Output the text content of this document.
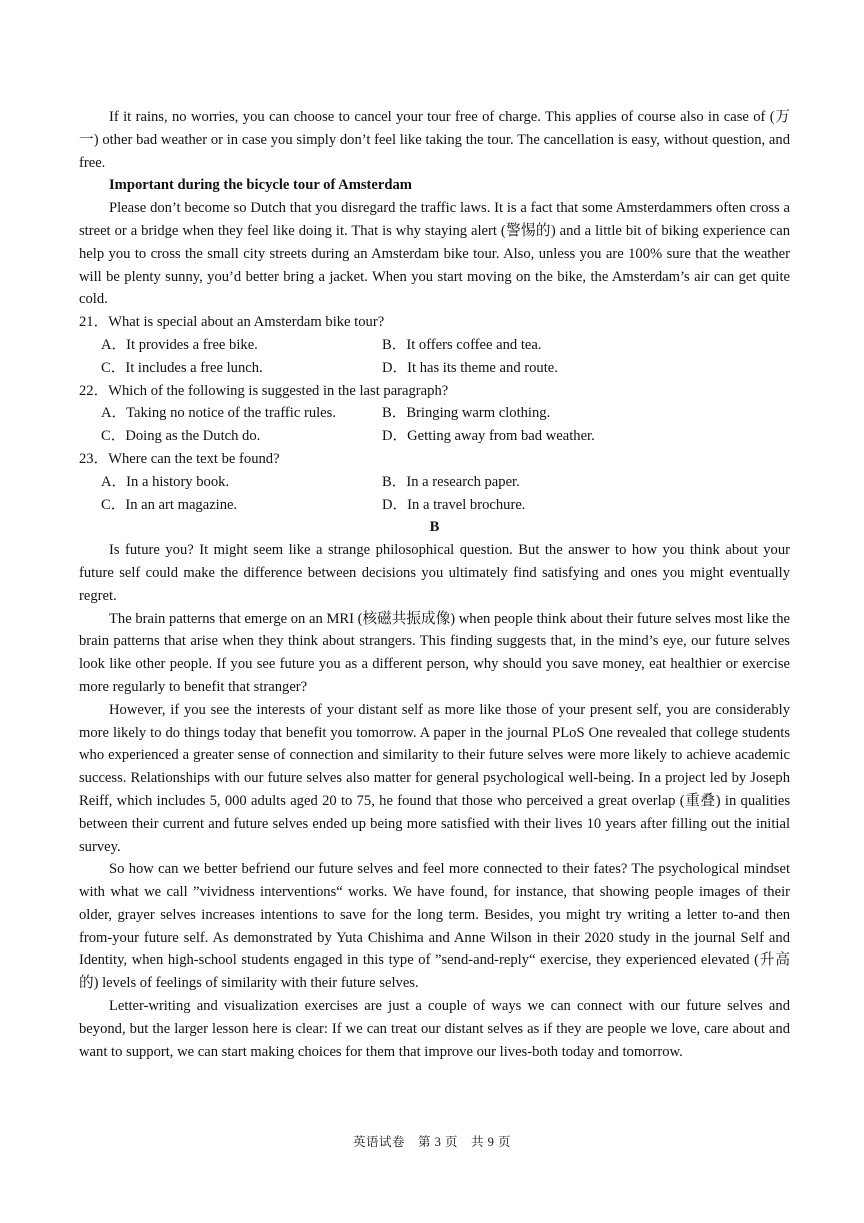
If it rains, no worries, you can choose to cancel your tour free of charge. This applies of course also in case of (万一) other bad weather or in case you simply don’t feel like taking the tour. The cancellation is easy, without question, and free.

Important during the bicycle tour of Amsterdam

Please don’t become so Dutch that you disregard the traffic laws. It is a fact that some Amsterdammers often cross a street or a bridge when they feel like doing it. That is why staying alert (警惕的) and a little bit of biking experience can help you to cross the small city streets during an Amsterdam bike tour. Also, unless you are 100% sure that the weather will be plenty sunny, you’d better bring a jacket. When you start moving on the bike, the Amsterdam’s air can get quite cold.

21．What is special about an Amsterdam bike tour?

A．It provides a free bike.	B．It offers coffee and tea.
C．It includes a free lunch.	D．It has its theme and route.

22．Which of the following is suggested in the last paragraph?

A．Taking no notice of the traffic rules.	B．Bringing warm clothing.
C．Doing as the Dutch do.	D．Getting away from bad weather.

23．Where can the text be found?

A．In a history book.	B．In a research paper.
C．In an art magazine.	D．In a travel brochure.

B

Is future you? It might seem like a strange philosophical question. But the answer to how you think about your future self could make the difference between decisions you ultimately find satisfying and ones you might eventually regret.

The brain patterns that emerge on an MRI (核磁共振成像) when people think about their future selves most like the brain patterns that arise when they think about strangers. This finding suggests that, in the mind’s eye, our future selves look like other people. If you see future you as a different person, why should you save money, eat healthier or exercise more regularly to benefit that stranger?

However, if you see the interests of your distant self as more like those of your present self, you are considerably more likely to do things today that benefit you tomorrow. A paper in the journal PLoS One revealed that college students who experienced a greater sense of connection and similarity to their future selves were more likely to achieve academic success. Relationships with our future selves also matter for general psychological well-being. In a project led by Joseph Reiff, which includes 5, 000 adults aged 20 to 75, he found that those who perceived a great overlap (重叠) in qualities between their current and future selves ended up being more satisfied with their lives 10 years after filling out the initial survey.

So how can we better befriend our future selves and feel more connected to their fates? The psychological mindset with what we call ”vividness interventions“ works. We have found, for instance, that showing people images of their older, grayer selves increases intentions to save for the long term. Besides, you might try writing a letter to-and then from-your future self. As demonstrated by Yuta Chishima and Anne Wilson in their 2020 study in the journal Self and Identity, when high-school students engaged in this type of ”send-and-reply“ exercise, they experienced elevated (升高的) levels of feelings of similarity with their future selves.

Letter-writing and visualization exercises are just a couple of ways we can connect with our future selves and beyond, but the larger lesson here is clear: If we can treat our distant selves as if they are people we love, care about and want to support, we can start making choices for them that improve our lives-both today and tomorrow.

英语试卷　第 3 页　共 9 页
